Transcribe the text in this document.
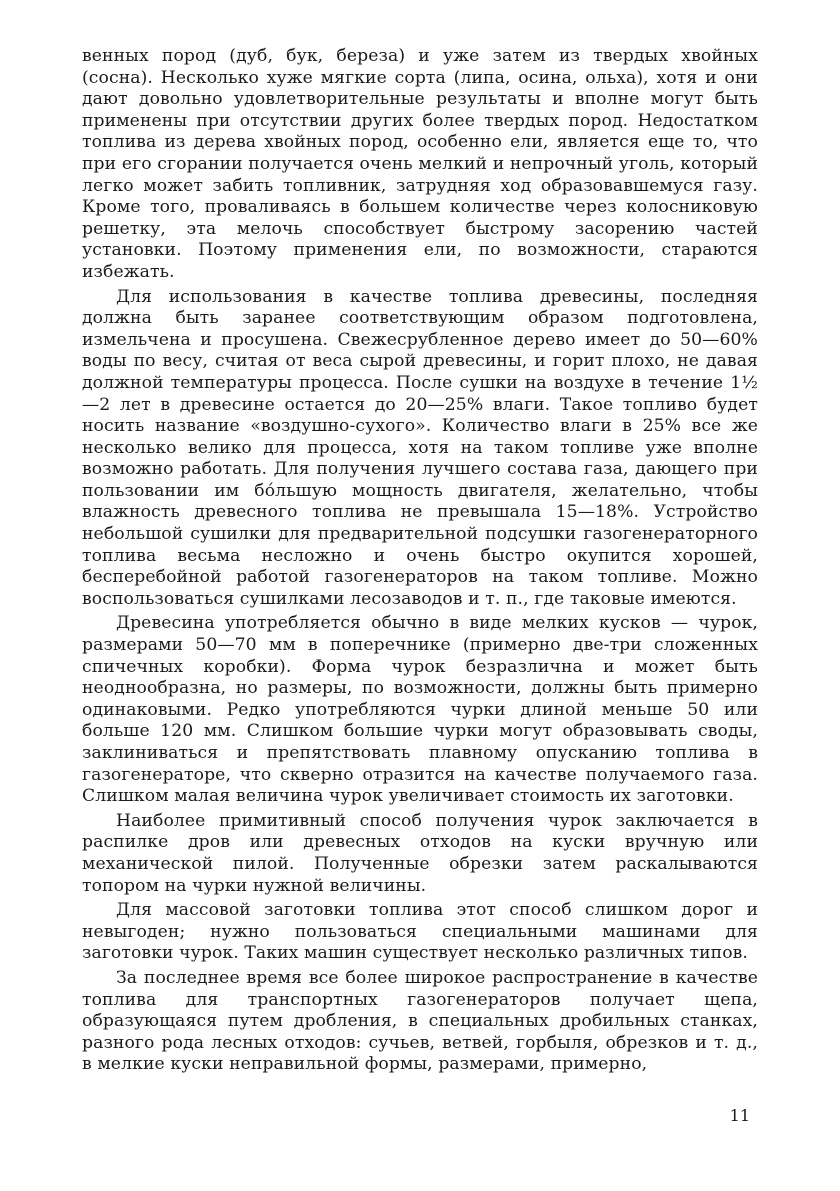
венных пород (дуб, бук, береза) и уже затем из твердых хвойных (сосна). Несколько хуже мягкие сорта (липа, осина, ольха), хотя и они дают довольно удовлетворительные результаты и вполне могут быть применены при отсутствии других более твердых пород. Недостатком топлива из дерева хвойных пород, особенно ели, является еще то, что при его сгорании получается очень мелкий и непрочный уголь, который легко может забить топливник, затрудняя ход образовавшемуся газу. Кроме того, проваливаясь в большем количестве через колосниковую решетку, эта мелочь способствует быстрому засорению частей установки. Поэтому применения ели, по возможности, стараются избежать.

Для использования в качестве топлива древесины, последняя должна быть заранее соответствующим образом подготовлена, измельчена и просушена. Свежесрубленное дерево имеет до 50—60% воды по весу, считая от веса сырой древесины, и горит плохо, не давая должной температуры процесса. После сушки на воздухе в течение 1½—2 лет в древесине остается до 20—25% влаги. Такое топливо будет носить название «воздушно-сухого». Количество влаги в 25% все же несколько велико для процесса, хотя на таком топливе уже вполне возможно работать. Для получения лучшего состава газа, дающего при пользовании им бо́льшую мощность двигателя, желательно, чтобы влажность древесного топлива не превышала 15—18%. Устройство небольшой сушилки для предварительной подсушки газогенераторного топлива весьма несложно и очень быстро окупится хорошей, бесперебойной работой газогенераторов на таком топливе. Можно воспользоваться сушилками лесозаводов и т. п., где таковые имеются.

Древесина употребляется обычно в виде мелких кусков — чурок, размерами 50—70 мм в поперечнике (примерно две-три сложенных спичечных коробки). Форма чурок безразлична и может быть неоднообразна, но размеры, по возможности, должны быть примерно одинаковыми. Редко употребляются чурки длиной меньше 50 или больше 120 мм. Слишком большие чурки могут образовывать своды, заклиниваться и препятствовать плавному опусканию топлива в газогенераторе, что скверно отразится на качестве получаемого газа. Слишком малая величина чурок увеличивает стоимость их заготовки.

Наиболее примитивный способ получения чурок заключается в распилке дров или древесных отходов на куски вручную или механической пилой. Полученные обрезки затем раскалываются топором на чурки нужной величины.

Для массовой заготовки топлива этот способ слишком дорог и невыгоден; нужно пользоваться специальными машинами для заготовки чурок. Таких машин существует несколько различных типов.

За последнее время все более широкое распространение в качестве топлива для транспортных газогенераторов получает щепа, образующаяся путем дробления, в специальных дробильных станках, разного рода лесных отходов: сучьев, ветвей, горбыля, обрезков и т. д., в мелкие куски неправильной формы, размерами, примерно,

11
